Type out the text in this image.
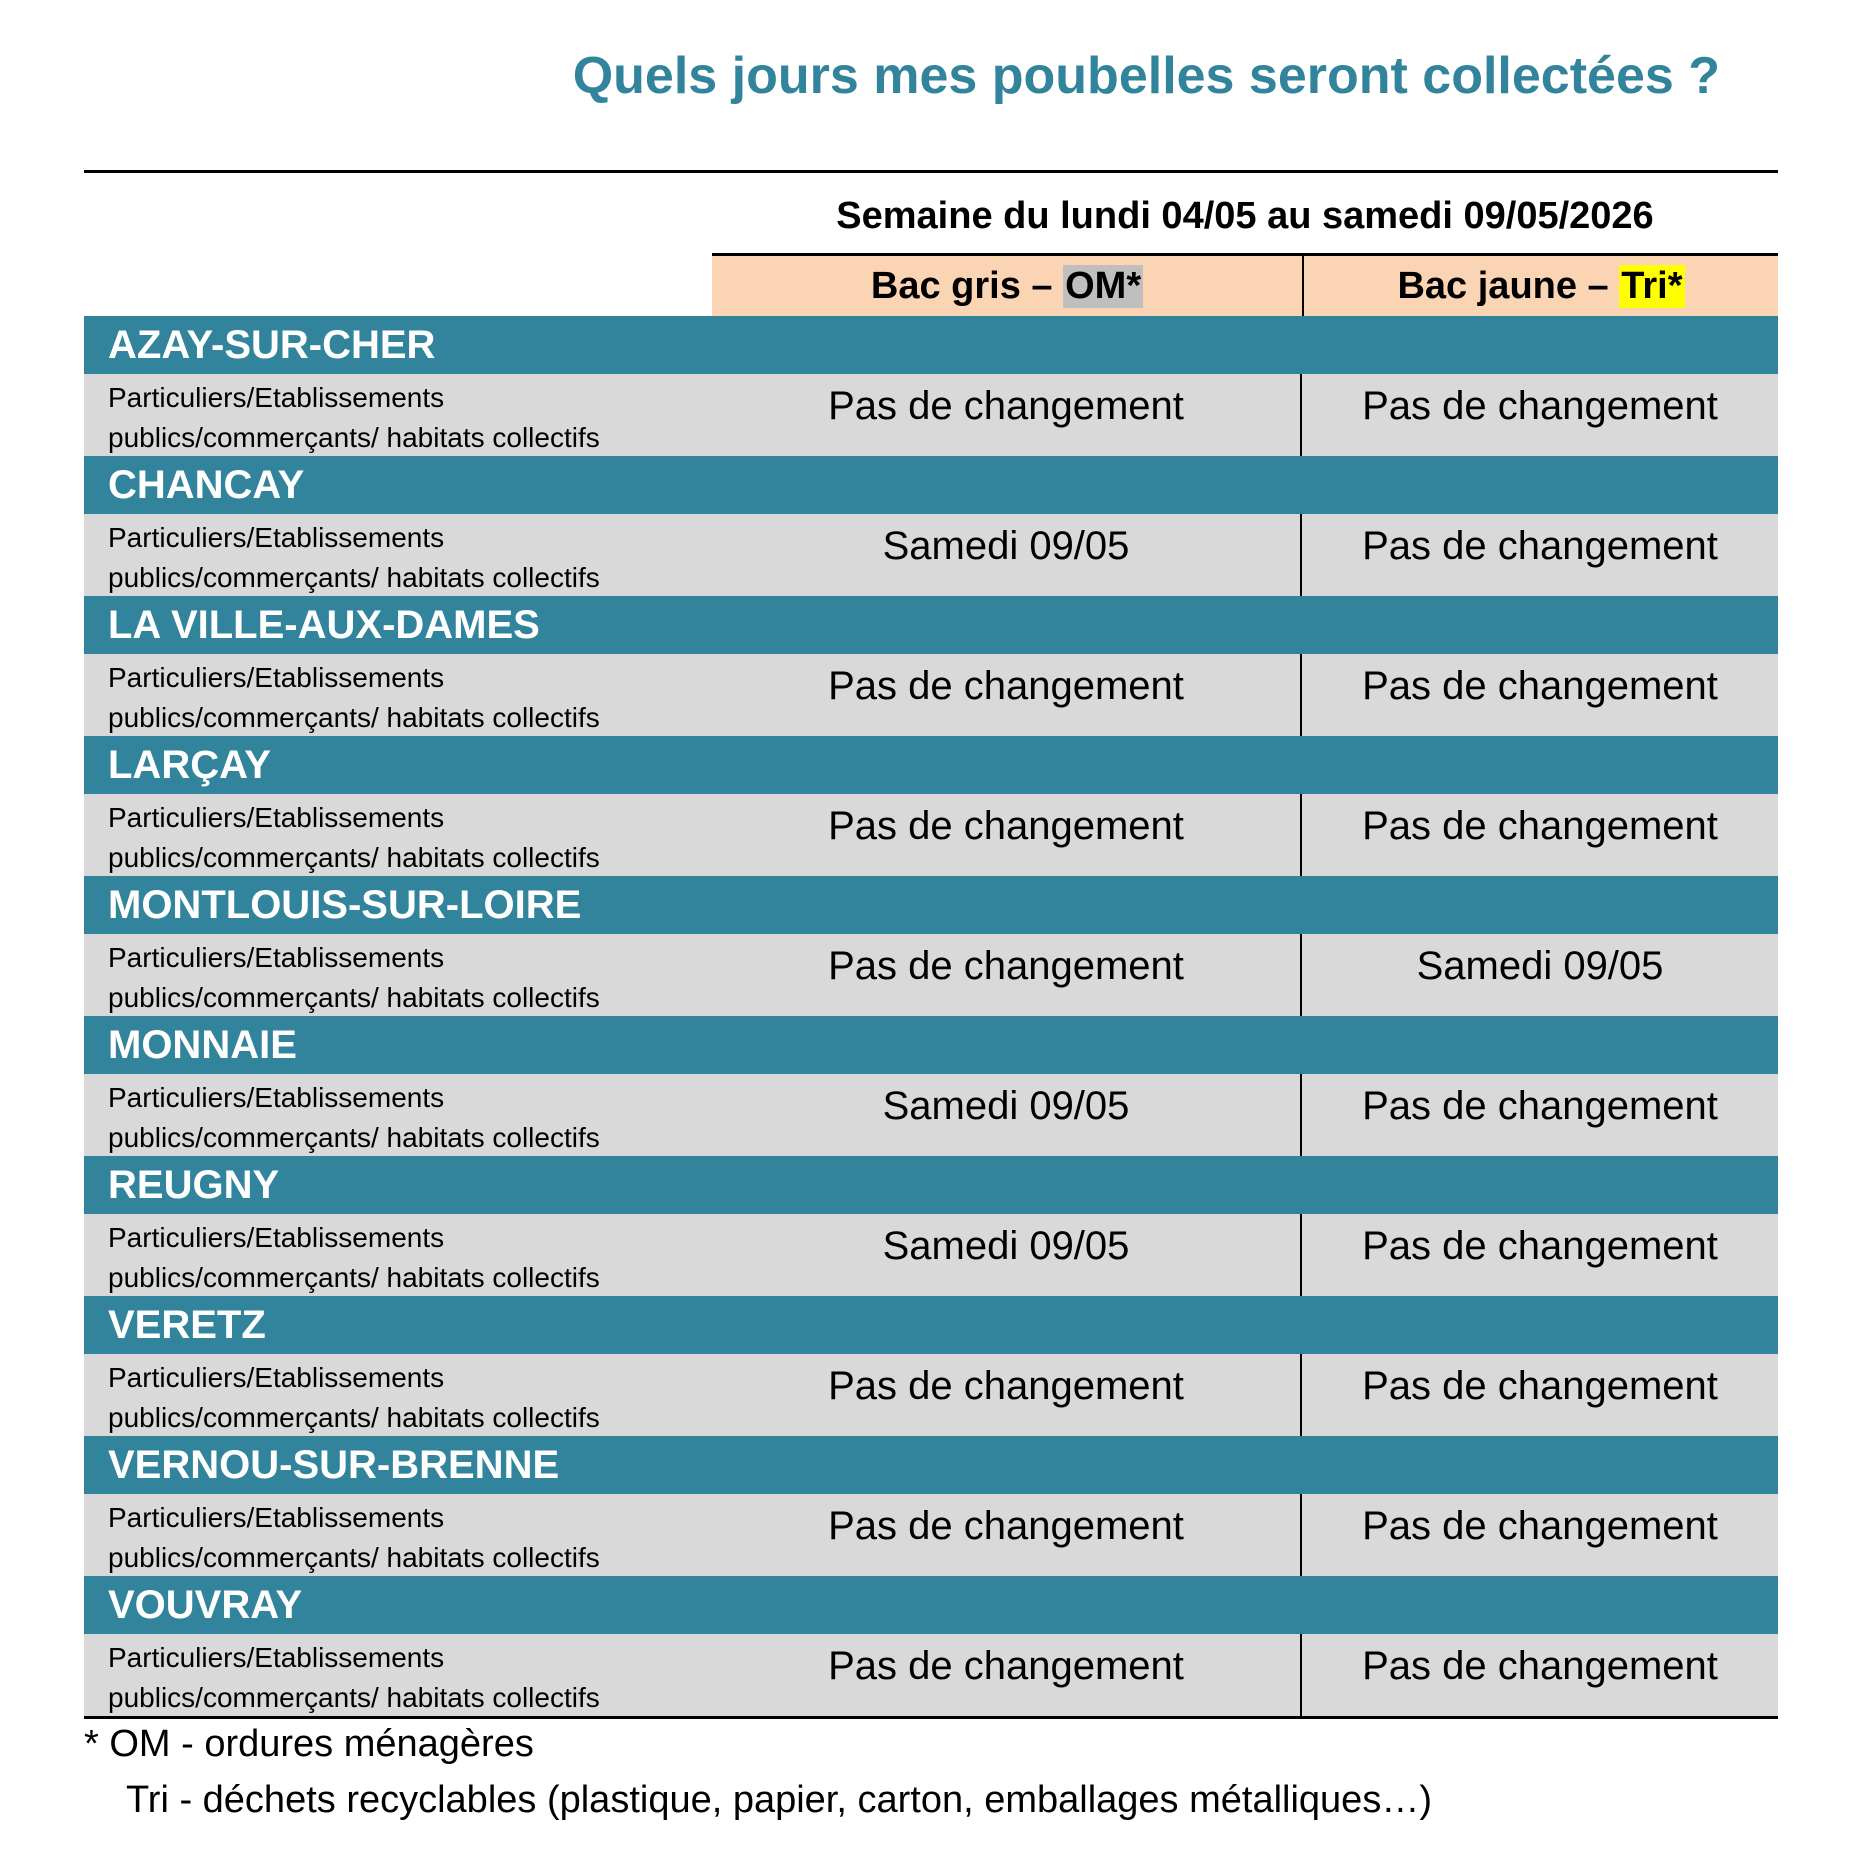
Quels jours mes poubelles seront collectées ?
Semaine du lundi 04/05 au samedi 09/05/2026
Bac gris – OM*	Bac jaune – Tri*
AZAY-SUR-CHER
Particuliers/Etablissements
publics/commerçants/ habitats collectifs
Pas de changement	Pas de changement
CHANCAY
Particuliers/Etablissements
publics/commerçants/ habitats collectifs
Samedi 09/05	Pas de changement
LA VILLE-AUX-DAMES
Particuliers/Etablissements
publics/commerçants/ habitats collectifs
Pas de changement	Pas de changement
LARÇAY
Particuliers/Etablissements
publics/commerçants/ habitats collectifs
Pas de changement	Pas de changement
MONTLOUIS-SUR-LOIRE
Particuliers/Etablissements
publics/commerçants/ habitats collectifs
Pas de changement	Samedi 09/05
MONNAIE
Particuliers/Etablissements
publics/commerçants/ habitats collectifs
Samedi 09/05	Pas de changement
REUGNY
Particuliers/Etablissements
publics/commerçants/ habitats collectifs
Samedi 09/05	Pas de changement
VERETZ
Particuliers/Etablissements
publics/commerçants/ habitats collectifs
Pas de changement	Pas de changement
VERNOU-SUR-BRENNE
Particuliers/Etablissements
publics/commerçants/ habitats collectifs
Pas de changement	Pas de changement
VOUVRAY
Particuliers/Etablissements
publics/commerçants/ habitats collectifs
Pas de changement	Pas de changement
* OM - ordures ménagères
Tri - déchets recyclables (plastique, papier, carton, emballages métalliques…)
